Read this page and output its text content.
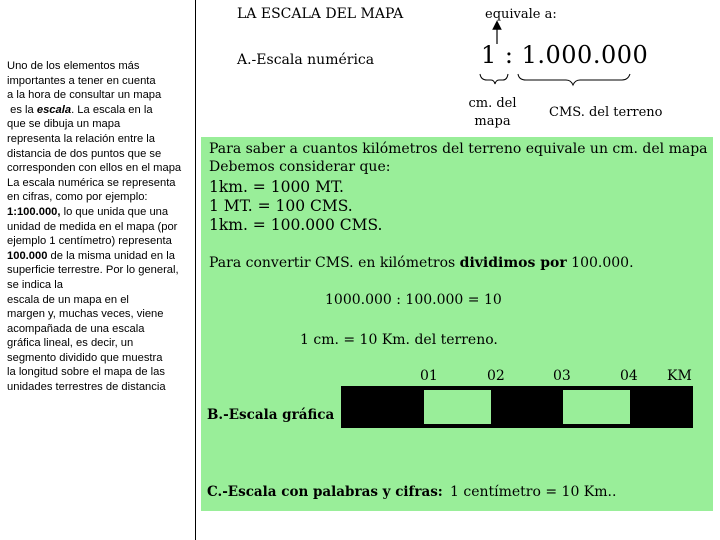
Uno de los elementos más
importantes a tener en cuenta
a la hora de consultar un mapa
es la escala. La escala en la
que se dibuja un mapa
representa la relación entre la
distancia de dos puntos que se
corresponden con ellos en el mapa
La escala numérica se representa
en cifras, como por ejemplo:
1:100.000, lo que unida que una
unidad de medida en el mapa (por
ejemplo 1 centímetro) representa
100.000 de la misma unidad en la
superficie terrestre. Por lo general,
se indica la
escala de un mapa en el
margen y, muchas veces, viene
acompañada de una escala
gráfica lineal, es decir, un
segmento dividido que muestra
la longitud sobre el mapa de las
unidades terrestres de distancia
LA ESCALA DEL MAPA	equivale a:
A.-Escala numérica	1 : 1.000.000
cm. del
mapa
CMS. del terreno
Para saber a cuantos kilómetros del terreno equivale un cm. del mapa
Debemos considerar que:
1km. = 1000 MT.
1 MT. = 100 CMS.
1km. = 100.000 CMS.
Para convertir CMS. en kilómetros dividimos por 100.000.
1000.000 : 100.000 = 10
1 cm. = 10 Km. del terreno.
01	02	03	04 KM
B.-Escala gráfica
C.-Escala con palabras y cifras: 1 centímetro = 10 Km..
